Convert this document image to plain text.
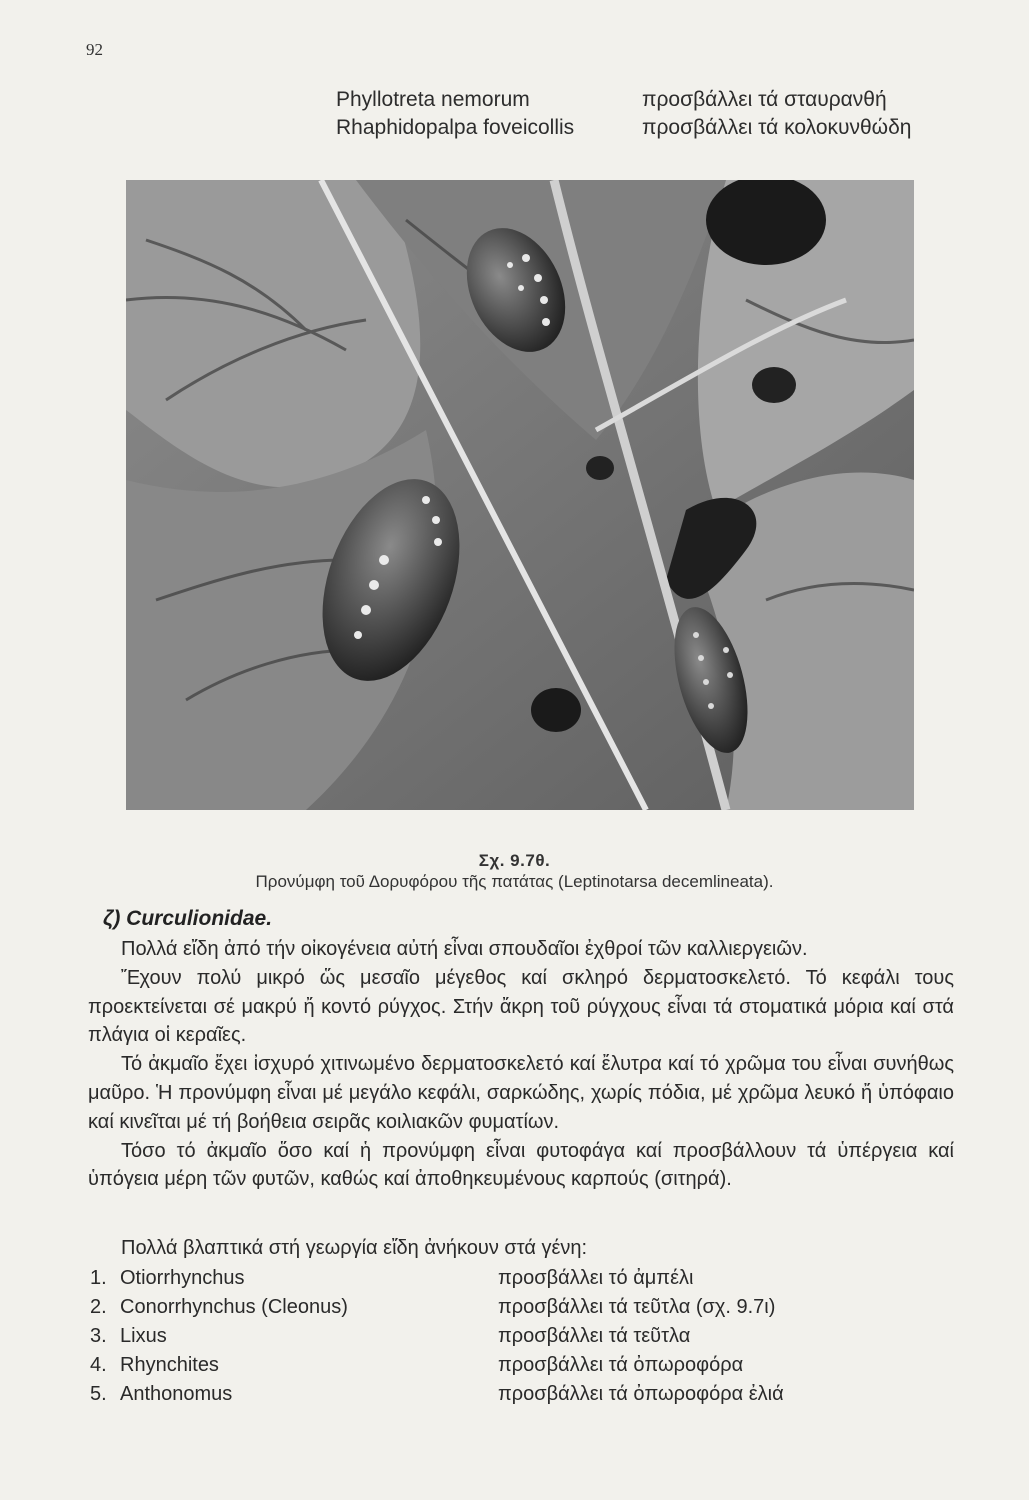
92
Phyllotreta nemorum	προσβάλλει τά σταυρανθή
Rhaphidopalpa foveicollis	προσβάλλει τά κολοκυνθώδη
Σχ. 9.7θ.
Προνύμφη τοῦ Δορυφόρου τῆς πατάτας (Leptinotarsa decemlineata).
ζ) Curculionidae.

Πολλά εἴδη ἀπό τήν οἰκογένεια αὐτή εἶναι σπουδαῖοι ἐχθροί τῶν καλλιεργειῶν.

Ἔχουν πολύ μικρό ὥς μεσαῖο μέγεθος καί σκληρό δερματοσκελετό. Τό κεφάλι τους προεκτείνεται σέ μακρύ ἤ κοντό ρύγχος. Στήν ἄκρη τοῦ ρύγχους εἶναι τά στοματικά μόρια καί στά πλάγια οἱ κεραῖες.

Τό ἀκμαῖο ἔχει ἰσχυρό χιτινωμένο δερματοσκελετό καί ἔλυτρα καί τό χρῶμα του εἶναι συνήθως μαῦρο. Ἡ προνύμφη εἶναι μέ μεγάλο κεφάλι, σαρκώδης, χωρίς πόδια, μέ χρῶμα λευκό ἤ ὑπόφαιο καί κινεῖται μέ τή βοήθεια σειρᾶς κοιλιακῶν φυματίων.

Τόσο τό ἀκμαῖο ὅσο καί ἡ προνύμφη εἶναι φυτοφάγα καί προσβάλλουν τά ὑπέργεια καί ὑπόγεια μέρη τῶν φυτῶν, καθώς καί ἀποθηκευμένους καρπούς (σιτηρά).

Πολλά βλαπτικά στή γεωργία εἴδη ἀνήκουν στά γένη:
1. Otiorrhynchus	προσβάλλει τό ἀμπέλι
2. Conorrhynchus (Cleonus)	προσβάλλει τά τεῦτλα (σχ. 9.7ι)
3. Lixus	προσβάλλει τά τεῦτλα
4. Rhynchites	προσβάλλει τά ὀπωροφόρα
5. Anthonomus	προσβάλλει τά ὀπωροφόρα ἐλιά
